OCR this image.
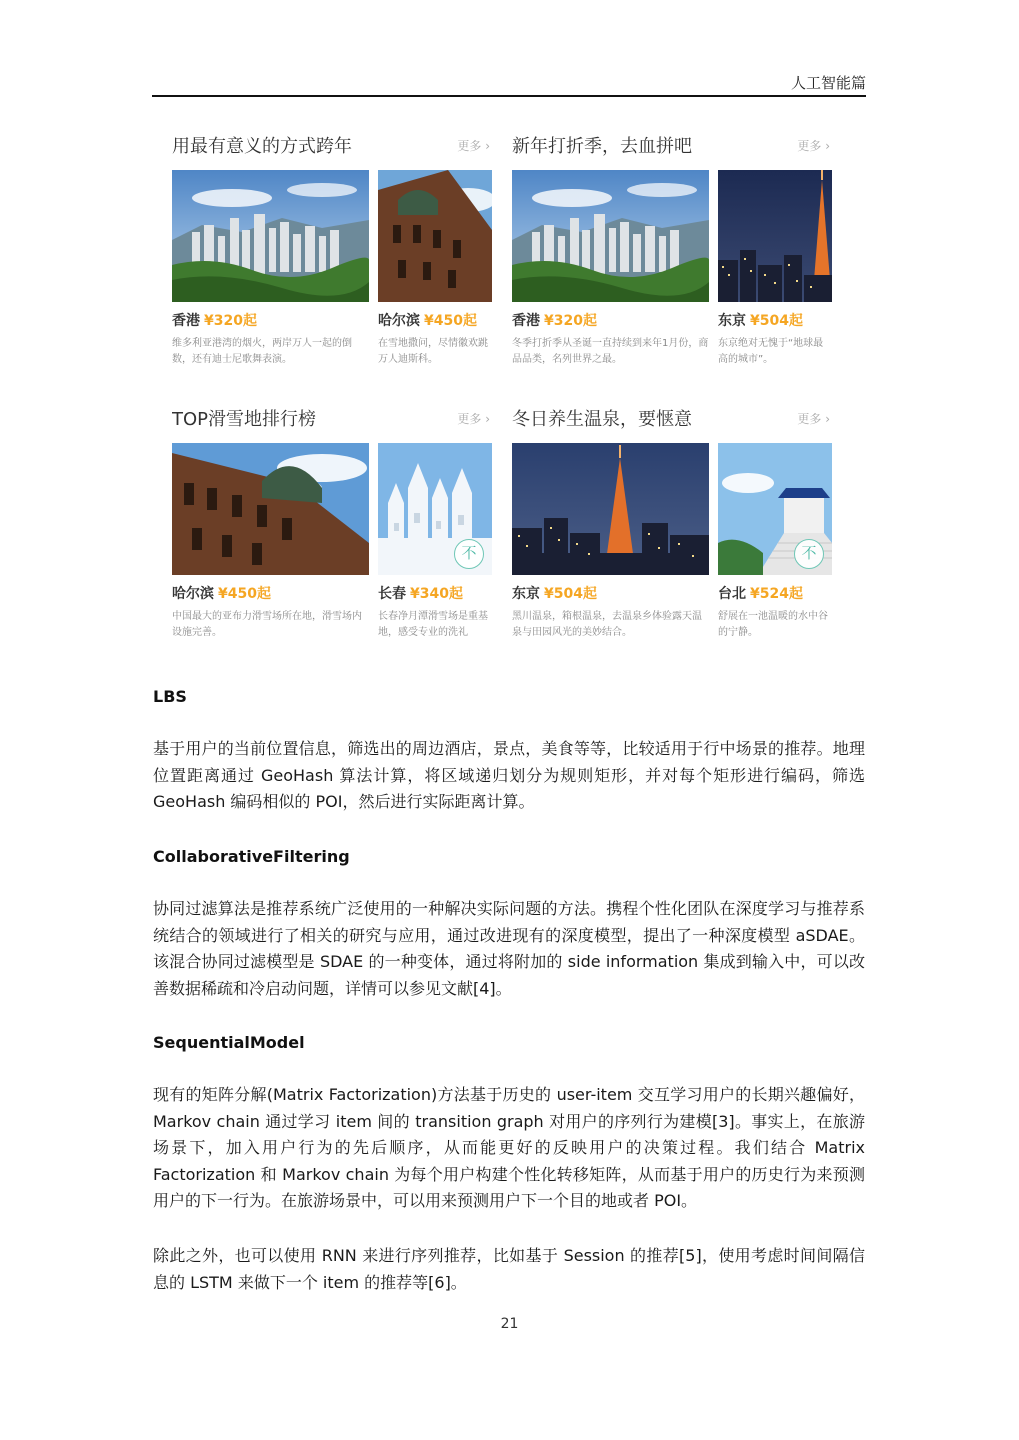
人工智能篇
用最有意义的方式跨年	更多 ›
香港 ¥320起
维多利亚港湾的烟火，两岸万人一起的倒数，还有迪士尼歌舞表演。
哈尔滨 ¥450起
在雪地撒问，尽情徽欢跳万人迪斯科。
新年打折季，去血拼吧	更多 ›
香港 ¥320起
冬季打折季从圣诞一直持续到来年1月份，商品品类，名列世界之最。
东京 ¥504起
东京绝对无愧于“地球最高的城市”。
TOP滑雪地排行榜	更多 ›
哈尔滨 ¥450起
中国最大的亚布力滑雪场所在地，滑雪场内设施完善。
不
长春 ¥340起
长春净月潭滑雪场是重基地，感受专业的洗礼
冬日养生温泉，要惬意	更多 ›
东京 ¥504起
黑川温泉，箱根温泉，去温泉乡体验露天温泉与田园风光的美妙结合。
不
台北 ¥524起
舒展在一池温暖的水中谷的宁静。
LBS
基于用户的当前位置信息，筛选出的周边酒店，景点，美食等等，比较适用于行中场景的推荐。地理位置距离通过 GeoHash 算法计算，将区域递归划分为规则矩形，并对每个矩形进行编码，筛选 GeoHash 编码相似的 POI，然后进行实际距离计算。
CollaborativeFiltering
协同过滤算法是推荐系统广泛使用的一种解决实际问题的方法。携程个性化团队在深度学习与推荐系统结合的领域进行了相关的研究与应用，通过改进现有的深度模型，提出了一种深度模型 aSDAE。该混合协同过滤模型是 SDAE 的一种变体，通过将附加的 side information 集成到输入中，可以改善数据稀疏和冷启动问题，详情可以参见文献[4]。
SequentialModel
现有的矩阵分解(Matrix Factorization)方法基于历史的 user-item 交互学习用户的长期兴趣偏好，Markov chain 通过学习 item 间的 transition graph 对用户的序列行为建模[3]。事实上，在旅游场景下，加入用户行为的先后顺序，从而能更好的反映用户的决策过程。我们结合 Matrix Factorization 和 Markov chain 为每个用户构建个性化转移矩阵，从而基于用户的历史行为来预测用户的下一行为。在旅游场景中，可以用来预测用户下一个目的地或者 POI。
除此之外，也可以使用 RNN 来进行序列推荐，比如基于 Session 的推荐[5]，使用考虑时间间隔信息的 LSTM 来做下一个 item 的推荐等[6]。
21
